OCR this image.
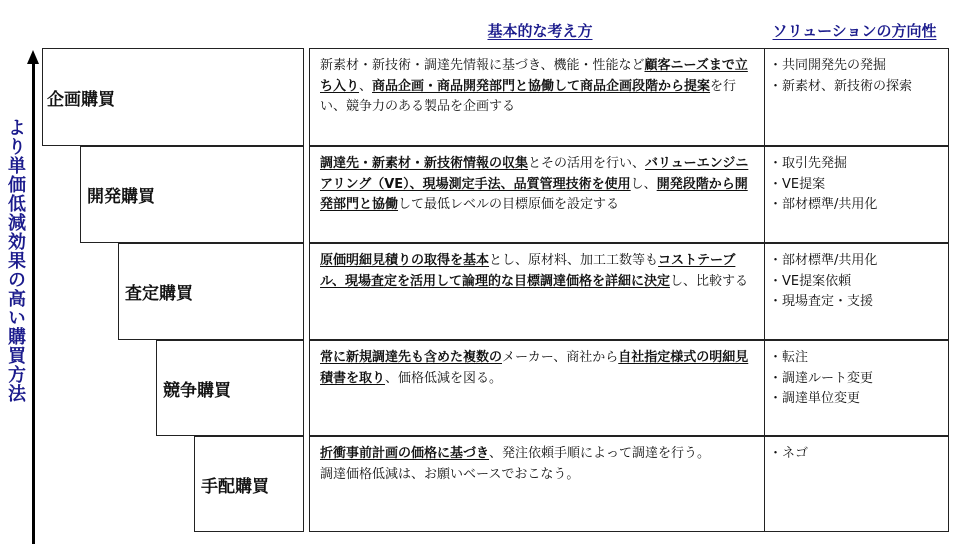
基本的な考え方	ソリューションの方向性
より単価低減効果の高い購買方法
企画購買
開発購買
査定購買
競争購買
手配購買
新素材・新技術・調達先情報に基づき、機能・性能など顧客ニーズまで立ち入り、商品企画・商品開発部門と協働して商品企画段階から提案を行い、競争力のある製品を企画する
調達先・新素材・新技術情報の収集とその活用を行い、バリューエンジニアリング（VE）、現場測定手法、品質管理技術を使用し、開発段階から開発部門と協働して最低レベルの目標原価を設定する
原価明細見積りの取得を基本とし、原材料、加工工数等もコストテーブル、現場査定を活用して論理的な目標調達価格を詳細に決定し、比較する
常に新規調達先も含めた複数のメーカー、商社から自社指定様式の明細見積書を取り、価格低減を図る。
折衝事前計画の価格に基づき、発注依頼手順によって調達を行う。
調達価格低減は、お願いベースでおこなう。
・共同開発先の発掘
・新素材、新技術の探索
・取引先発掘
・VE提案
・部材標準/共用化
・部材標準/共用化
・VE提案依頼
・現場査定・支援
・転注
・調達ルート変更
・調達単位変更
・ネゴ
